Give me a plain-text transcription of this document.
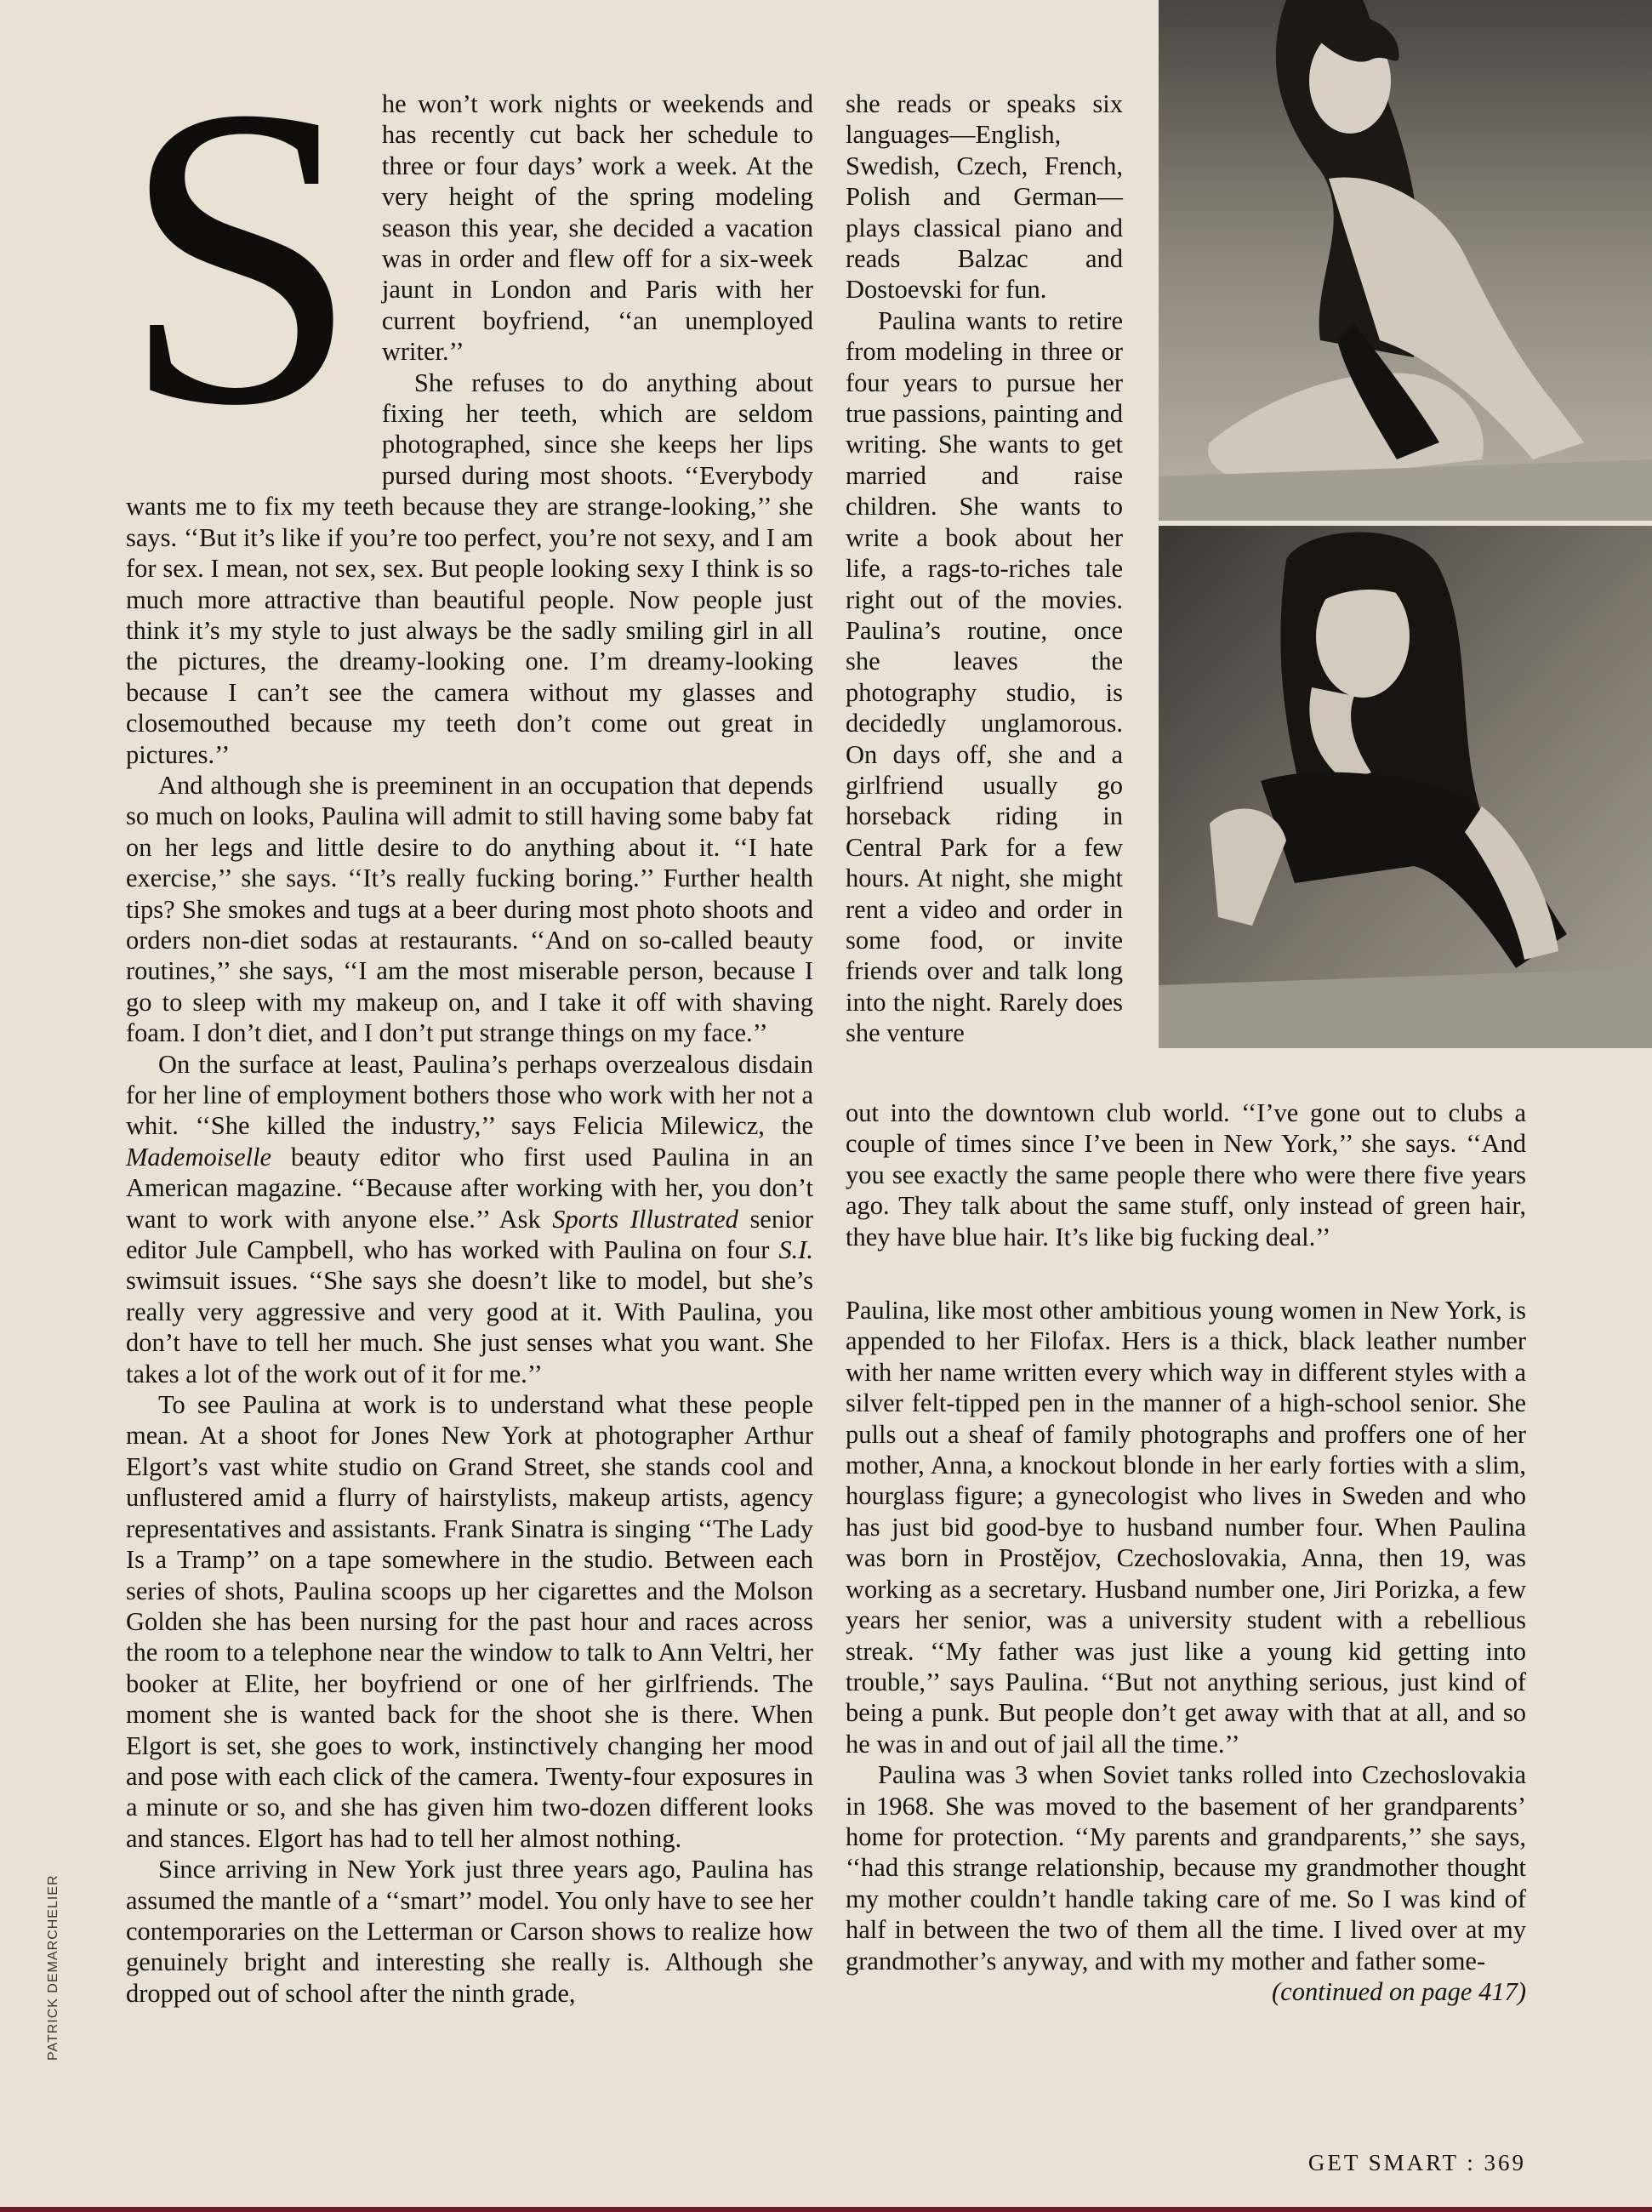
S he won’t work nights or weekends and has recently cut back her schedule to three or four days’ work a week. At the very height of the spring modeling season this year, she decided a vacation was in order and flew off for a six-week jaunt in London and Paris with her current boyfriend, ‘‘an unemployed writer.’’

She refuses to do anything about fixing her teeth, which are seldom photographed, since she keeps her lips pursed during most shoots. ‘‘Everybody wants me to fix my teeth because they are strange-looking,’’ she says. ‘‘But it’s like if you’re too perfect, you’re not sexy, and I am for sex. I mean, not sex, sex. But people looking sexy I think is so much more attractive than beautiful people. Now people just think it’s my style to just always be the sadly smiling girl in all the pictures, the dreamy-looking one. I’m dreamy-looking because I can’t see the camera without my glasses and closemouthed because my teeth don’t come out great in pictures.’’

And although she is preeminent in an occupation that depends so much on looks, Paulina will admit to still having some baby fat on her legs and little desire to do anything about it. ‘‘I hate exercise,’’ she says. ‘‘It’s really fucking boring.’’ Further health tips? She smokes and tugs at a beer during most photo shoots and orders non-diet sodas at restaurants. ‘‘And on so-called beauty routines,’’ she says, ‘‘I am the most miserable person, because I go to sleep with my makeup on, and I take it off with shaving foam. I don’t diet, and I don’t put strange things on my face.’’

On the surface at least, Paulina’s perhaps overzealous disdain for her line of employment bothers those who work with her not a whit. ‘‘She killed the industry,’’ says Felicia Milewicz, the Mademoiselle beauty editor who first used Paulina in an American magazine. ‘‘Because after working with her, you don’t want to work with anyone else.’’ Ask Sports Illustrated senior editor Jule Campbell, who has worked with Paulina on four S.I. swimsuit issues. ‘‘She says she doesn’t like to model, but she’s really very aggressive and very good at it. With Paulina, you don’t have to tell her much. She just senses what you want. She takes a lot of the work out of it for me.’’

To see Paulina at work is to understand what these people mean. At a shoot for Jones New York at photographer Arthur Elgort’s vast white studio on Grand Street, she stands cool and unflustered amid a flurry of hairstylists, makeup artists, agency representatives and assistants. Frank Sinatra is singing ‘‘The Lady Is a Tramp’’ on a tape somewhere in the studio. Between each series of shots, Paulina scoops up her cigarettes and the Molson Golden she has been nursing for the past hour and races across the room to a telephone near the window to talk to Ann Veltri, her booker at Elite, her boyfriend or one of her girlfriends. The moment she is wanted back for the shoot she is there. When Elgort is set, she goes to work, instinctively changing her mood and pose with each click of the camera. Twenty-four exposures in a minute or so, and she has given him two-dozen different looks and stances. Elgort has had to tell her almost nothing.

Since arriving in New York just three years ago, Paulina has assumed the mantle of a ‘‘smart’’ model. You only have to see her contemporaries on the Letterman or Carson shows to realize how genuinely bright and interesting she really is. Although she dropped out of school after the ninth grade,

she reads or speaks six languages—English, Swedish, Czech, French, Polish and German—plays classical piano and reads Balzac and Dostoevski for fun.

Paulina wants to retire from modeling in three or four years to pursue her true passions, painting and writing. She wants to get married and raise children. She wants to write a book about her life, a rags-to-riches tale right out of the movies. Paulina’s routine, once she leaves the photography studio, is decidedly unglamorous. On days off, she and a girlfriend usually go horseback riding in Central Park for a few hours. At night, she might rent a video and order in some food, or invite friends over and talk long into the night. Rarely does she venture

out into the downtown club world. ‘‘I’ve gone out to clubs a couple of times since I’ve been in New York,’’ she says. ‘‘And you see exactly the same people there who were there five years ago. They talk about the same stuff, only instead of green hair, they have blue hair. It’s like big fucking deal.’’

Paulina, like most other ambitious young women in New York, is appended to her Filofax. Hers is a thick, black leather number with her name written every which way in different styles with a silver felt-tipped pen in the manner of a high-school senior. She pulls out a sheaf of family photographs and proffers one of her mother, Anna, a knockout blonde in her early forties with a slim, hourglass figure; a gynecologist who lives in Sweden and who has just bid good-bye to husband number four. When Paulina was born in Prostějov, Czechoslovakia, Anna, then 19, was working as a secretary. Husband number one, Jiri Porizka, a few years her senior, was a university student with a rebellious streak. ‘‘My father was just like a young kid getting into trouble,’’ says Paulina. ‘‘But not anything serious, just kind of being a punk. But people don’t get away with that at all, and so he was in and out of jail all the time.’’

Paulina was 3 when Soviet tanks rolled into Czechoslovakia in 1968. She was moved to the basement of her grandparents’ home for protection. ‘‘My parents and grandparents,’’ she says, ‘‘had this strange relationship, because my grandmother thought my mother couldn’t handle taking care of me. So I was kind of half in between the two of them all the time. I lived over at my grandmother’s anyway, and with my mother and father some-
(continued on page 417)

PATRICK DEMARCHELIER
GET SMART : 369
